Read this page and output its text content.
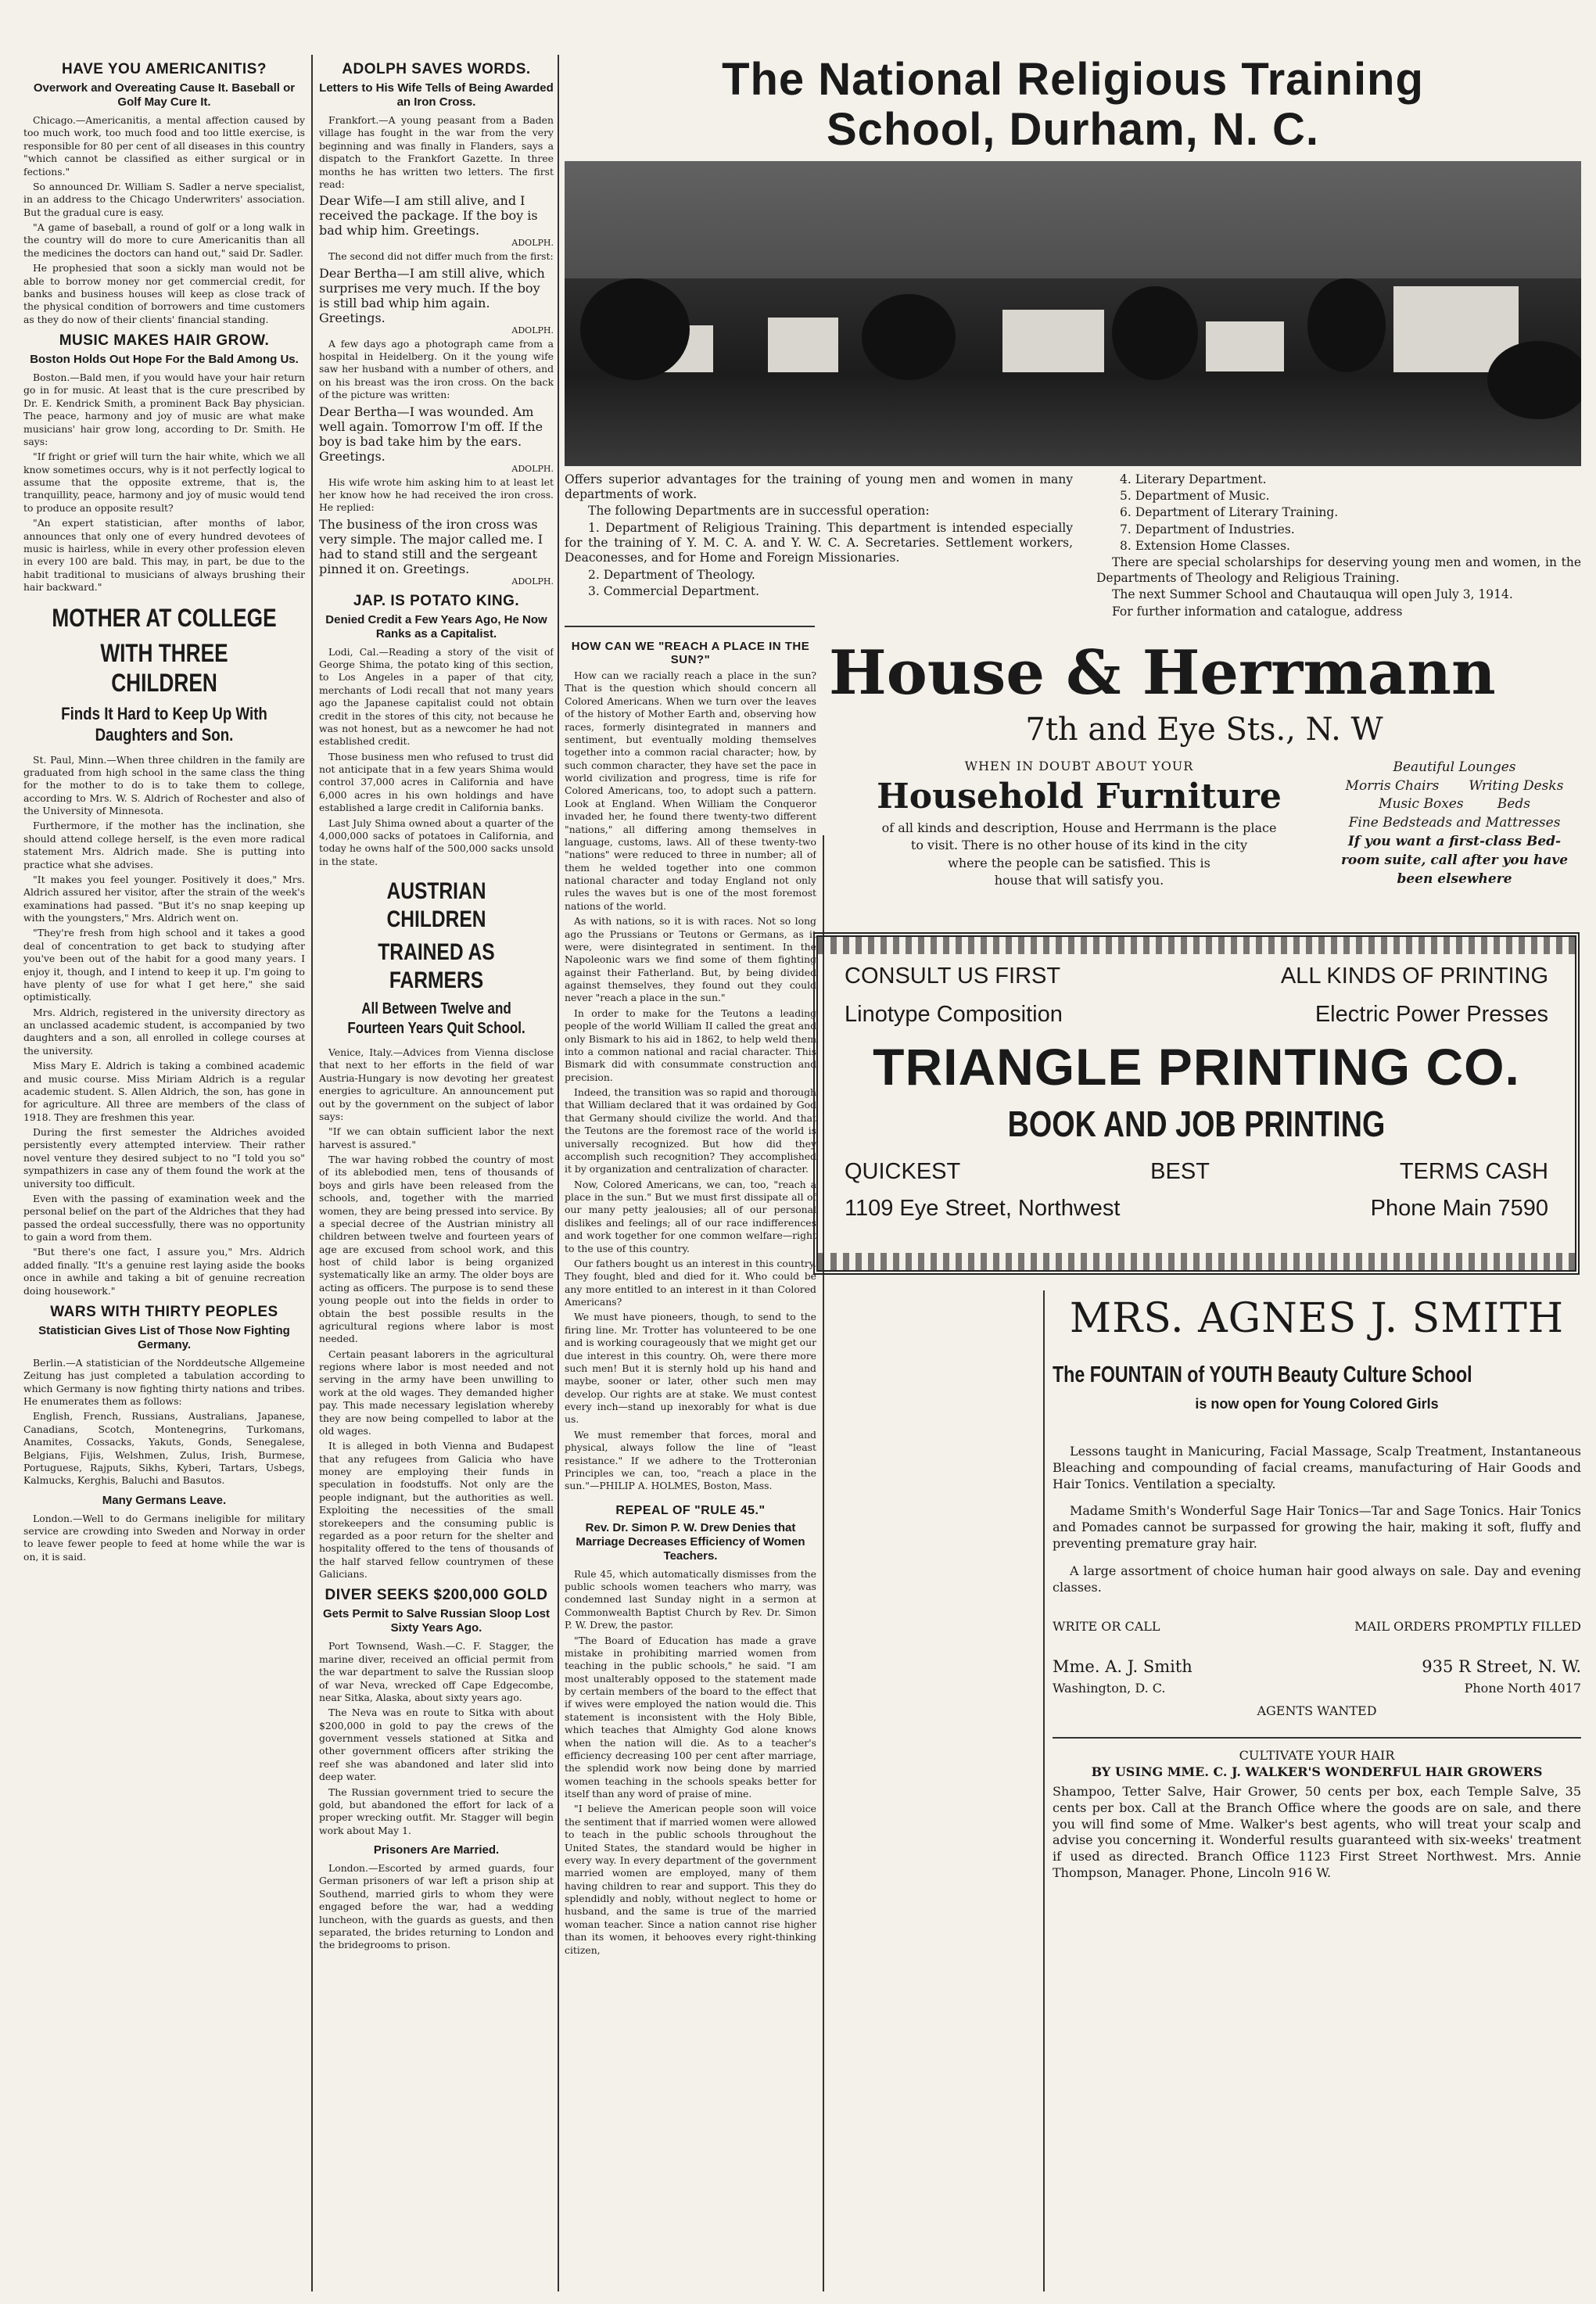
HAVE YOU AMERICANITIS?
Overwork and Overeating Cause It. Baseball or Golf May Cure It.

Chicago.—Americanitis, a mental affection caused by too much work, too much food and too little exercise, is responsible for 80 per cent of all diseases in this country "which cannot be classified as either surgical or in fections."

So announced Dr. William S. Sadler a nerve specialist, in an address to the Chicago Underwriters' association. But the gradual cure is easy.

"A game of baseball, a round of golf or a long walk in the country will do more to cure Americanitis than all the medicines the doctors can hand out," said Dr. Sadler.

He prophesied that soon a sickly man would not be able to borrow money nor get commercial credit, for banks and business houses will keep as close track of the physical condition of borrowers and time customers as they do now of their clients' financial standing.

MUSIC MAKES HAIR GROW.
Boston Holds Out Hope For the Bald Among Us.

Boston.—Bald men, if you would have your hair return go in for music. At least that is the cure prescribed by Dr. E. Kendrick Smith, a prominent Back Bay physician. The peace, harmony and joy of music are what make musicians' hair grow long, according to Dr. Smith. He says:

"If fright or grief will turn the hair white, which we all know sometimes occurs, why is it not perfectly logical to assume that the opposite extreme, that is, the tranquillity, peace, harmony and joy of music would tend to produce an opposite result?

"An expert statistician, after months of labor, announces that only one of every hundred devotees of music is hairless, while in every other profession eleven in every 100 are bald. This may, in part, be due to the habit traditional to musicians of always brushing their hair backward."

MOTHER AT COLLEGE
WITH THREE CHILDREN
Finds It Hard to Keep Up With Daughters and Son.

St. Paul, Minn.—When three children in the family are graduated from high school in the same class the thing for the mother to do is to take them to college, according to Mrs. W. S. Aldrich of Rochester and also of the University of Minnesota.

Furthermore, if the mother has the inclination, she should attend college herself, is the even more radical statement Mrs. Aldrich made. She is putting into practice what she advises.

"It makes you feel younger. Positively it does," Mrs. Aldrich assured her visitor, after the strain of the week's examinations had passed. "But it's no snap keeping up with the youngsters," Mrs. Aldrich went on.

"They're fresh from high school and it takes a good deal of concentration to get back to studying after you've been out of the habit for a good many years. I enjoy it, though, and I intend to keep it up. I'm going to have plenty of use for what I get here," she said optimistically.

Mrs. Aldrich, registered in the university directory as an unclassed academic student, is accompanied by two daughters and a son, all enrolled in college courses at the university.

Miss Mary E. Aldrich is taking a combined academic and music course. Miss Miriam Aldrich is a regular academic student. S. Allen Aldrich, the son, has gone in for agriculture. All three are members of the class of 1918. They are freshmen this year.

During the first semester the Aldriches avoided persistently every attempted interview. Their rather novel venture they desired subject to no "I told you so" sympathizers in case any of them found the work at the university too difficult.

Even with the passing of examination week and the personal belief on the part of the Aldriches that they had passed the ordeal successfully, there was no opportunity to gain a word from them.

"But there's one fact, I assure you," Mrs. Aldrich added finally. "It's a genuine rest laying aside the books once in awhile and taking a bit of genuine recreation doing housework."

WARS WITH THIRTY PEOPLES
Statistician Gives List of Those Now Fighting Germany.

Berlin.—A statistician of the Norddeutsche Allgemeine Zeitung has just completed a tabulation according to which Germany is now fighting thirty nations and tribes. He enumerates them as follows:

English, French, Russians, Australians, Japanese, Canadians, Scotch, Montenegrins, Turkomans, Anamites, Cossacks, Yakuts, Gonds, Senegalese, Belgians, Fijis, Welshmen, Zulus, Irish, Burmese, Portuguese, Rajputs, Sikhs, Kyberi, Tartars, Usbegs, Kalmucks, Kerghis, Baluchi and Basutos.

Many Germans Leave.

London.—Well to do Germans ineligible for military service are crowding into Sweden and Norway in order to leave fewer people to feed at home while the war is on, it is said.

ADOLPH SAVES WORDS.
Letters to His Wife Tells of Being Awarded an Iron Cross.

Frankfort.—A young peasant from a Baden village has fought in the war from the very beginning and was finally in Flanders, says a dispatch to the Frankfort Gazette. In three months he has written two letters. The first read:

Dear Wife—I am still alive, and I received the package. If the boy is bad whip him. Greetings.
ADOLPH.

The second did not differ much from the first:

Dear Bertha—I am still alive, which surprises me very much. If the boy is still bad whip him again. Greetings.
ADOLPH.

A few days ago a photograph came from a hospital in Heidelberg. On it the young wife saw her husband with a number of others, and on his breast was the iron cross. On the back of the picture was written:

Dear Bertha—I was wounded. Am well again. Tomorrow I'm off. If the boy is bad take him by the ears. Greetings.
ADOLPH.

His wife wrote him asking him to at least let her know how he had received the iron cross. He replied:

The business of the iron cross was very simple. The major called me. I had to stand still and the sergeant pinned it on. Greetings.
ADOLPH.
JAP. IS POTATO KING.
Denied Credit a Few Years Ago, He Now Ranks as a Capitalist.

Lodi, Cal.—Reading a story of the visit of George Shima, the potato king of this section, to Los Angeles in a paper of that city, merchants of Lodi recall that not many years ago the Japanese capitalist could not obtain credit in the stores of this city, not because he was not honest, but as a newcomer he had not established credit.

Those business men who refused to trust did not anticipate that in a few years Shima would control 37,000 acres in California and have 6,000 acres in his own holdings and have established a large credit in California banks.

Last July Shima owned about a quarter of the 4,000,000 sacks of potatoes in California, and today he owns half of the 500,000 sacks unsold in the state.

AUSTRIAN CHILDREN
TRAINED AS FARMERS
All Between Twelve and Fourteen Years Quit School.

Venice, Italy.—Advices from Vienna disclose that next to her efforts in the field of war Austria-Hungary is now devoting her greatest energies to agriculture. An announcement put out by the government on the subject of labor says:

"If we can obtain sufficient labor the next harvest is assured."

The war having robbed the country of most of its ablebodied men, tens of thousands of boys and girls have been released from the schools, and, together with the married women, they are being pressed into service. By a special decree of the Austrian ministry all children between twelve and fourteen years of age are excused from school work, and this host of child labor is being organized systematically like an army. The older boys are acting as officers. The purpose is to send these young people out into the fields in order to obtain the best possible results in the agricultural regions where labor is most needed.

Certain peasant laborers in the agricultural regions where labor is most needed and not serving in the army have been unwilling to work at the old wages. They demanded higher pay. This made necessary legislation whereby they are now being compelled to labor at the old wages.

It is alleged in both Vienna and Budapest that any refugees from Galicia who have money are employing their funds in speculation in foodstuffs. Not only are the people indignant, but the authorities as well. Exploiting the necessities of the small storekeepers and the consuming public is regarded as a poor return for the shelter and hospitality offered to the tens of thousands of the half starved fellow countrymen of these Galicians.

DIVER SEEKS $200,000 GOLD
Gets Permit to Salve Russian Sloop Lost Sixty Years Ago.

Port Townsend, Wash.—C. F. Stagger, the marine diver, received an official permit from the war department to salve the Russian sloop of war Neva, wrecked off Cape Edgecombe, near Sitka, Alaska, about sixty years ago.

The Neva was en route to Sitka with about $200,000 in gold to pay the crews of the government vessels stationed at Sitka and other government officers after striking the reef she was abandoned and later slid into deep water.

The Russian government tried to secure the gold, but abandoned the effort for lack of a proper wrecking outfit. Mr. Stagger will begin work about May 1.

Prisoners Are Married.

London.—Escorted by armed guards, four German prisoners of war left a prison ship at Southend, married girls to whom they were engaged before the war, had a wedding luncheon, with the guards as guests, and then separated, the brides returning to London and the bridegrooms to prison.

The National Religious Training
School, Durham, N. C.

Offers superior advantages for the training of young men and women in many departments of work.

The following Departments are in successful operation:

1. Department of Religious Training. This department is intended especially for the training of Y. M. C. A. and Y. W. C. A. Secretaries. Settlement workers, Deaconesses, and for Home and Foreign Missionaries.

2. Department of Theology.

3. Commercial Department.

4. Literary Department.

5. Department of Music.

6. Department of Literary Training.

7. Department of Industries.

8. Extension Home Classes.

There are special scholarships for deserving young men and women, in the Departments of Theology and Religious Training.

The next Summer School and Chautauqua will open July 3, 1914.

For further information and catalogue, address

HOW CAN WE "REACH A PLACE IN THE SUN?"

How can we racially reach a place in the sun? That is the question which should concern all Colored Americans. When we turn over the leaves of the history of Mother Earth and, observing how races, formerly disintegrated in manners and sentiment, but eventually molding themselves together into a common racial character; how, by such common character, they have set the pace in world civilization and progress, time is rife for Colored Americans, too, to adopt such a pattern. Look at England. When William the Conqueror invaded her, he found there twenty-two different "nations," all differing among themselves in language, customs, laws. All of these twenty-two "nations" were reduced to three in number; all of them he welded together into one common national character and today England not only rules the waves but is one of the most foremost nations of the world.

As with nations, so it is with races. Not so long ago the Prussians or Teutons or Germans, as it were, were disintegrated in sentiment. In the Napoleonic wars we find some of them fighting against their Fatherland. But, by being divided against themselves, they found out they could never "reach a place in the sun."

In order to make for the Teutons a leading people of the world William II called the great and only Bismark to his aid in 1862, to help weld them into a common national and racial character. This Bismark did with consummate construction and precision.

Indeed, the transition was so rapid and thorough that William declared that it was ordained by God that Germany should civilize the world. And that the Teutons are the foremost race of the world is universally recognized. But how did they accomplish such recognition? They accomplished it by organization and centralization of character.

Now, Colored Americans, we can, too, "reach a place in the sun." But we must first dissipate all of our many petty jealousies; all of our personal dislikes and feelings; all of our race indifferences and work together for one common welfare—right to the use of this country.

Our fathers bought us an interest in this country. They fought, bled and died for it. Who could be any more entitled to an interest in it than Colored Americans?

We must have pioneers, though, to send to the firing line. Mr. Trotter has volunteered to be one and is working courageously that we might get our due interest in this country. Oh, were there more such men! But it is sternly hold up his hand and maybe, sooner or later, other such men may develop. Our rights are at stake. We must contest every inch—stand up inexorably for what is due us.

We must remember that forces, moral and physical, always follow the line of "least resistance." If we adhere to the Trotteronian Principles we can, too, "reach a place in the sun."—PHILIP A. HOLMES, Boston, Mass.

REPEAL OF "RULE 45."
Rev. Dr. Simon P. W. Drew Denies that Marriage Decreases Efficiency of Women Teachers.

Rule 45, which automatically dismisses from the public schools women teachers who marry, was condemned last Sunday night in a sermon at Commonwealth Baptist Church by Rev. Dr. Simon P. W. Drew, the pastor.

"The Board of Education has made a grave mistake in prohibiting married women from teaching in the public schools," he said. "I am most unalterably opposed to the statement made by certain members of the board to the effect that if wives were employed the nation would die. This statement is inconsistent with the Holy Bible, which teaches that Almighty God alone knows when the nation will die. As to a teacher's efficiency decreasing 100 per cent after marriage, the splendid work now being done by married women teaching in the schools speaks better for itself than any word of praise of mine.

"I believe the American people soon will voice the sentiment that if married women were allowed to teach in the public schools throughout the United States, the standard would be higher in every way. In every department of the government married women are employed, many of them having children to rear and support. This they do splendidly and nobly, without neglect to home or husband, and the same is true of the married woman teacher. Since a nation cannot rise higher than its women, it behooves every right-thinking citizen,

House & Herrmann
7th and Eye Sts., N. W
WHEN IN DOUBT ABOUT YOUR
Household Furniture
of all kinds and description, House and Herrmann is the place
to visit. There is no other house of its kind in the city
where the people can be satisfied. This is
house that will satisfy you.
Beautiful Lounges
Morris Chairs       Writing Desks
Music Boxes        Beds
Fine Bedsteads and Mattresses
If you want a first-class Bed-room suite, call after you have been elsewhere
CONSULT US FIRST	ALL KINDS OF PRINTING
Linotype Composition	Electric Power Presses
TRIANGLE PRINTING CO.
BOOK AND JOB PRINTING
QUICKEST	BEST	TERMS CASH
1109 Eye Street, Northwest	Phone Main 7590
MRS. AGNES J. SMITH
The FOUNTAIN of YOUTH Beauty Culture School
is now open for Young Colored Girls

Lessons taught in Manicuring, Facial Massage, Scalp Treatment, Instantaneous Bleaching and compounding of facial creams, manufacturing of Hair Goods and Hair Tonics. Ventilation a specialty.

Madame Smith's Wonderful Sage Hair Tonics—Tar and Sage Tonics. Hair Tonics and Pomades cannot be surpassed for growing the hair, making it soft, fluffy and preventing premature gray hair.

A large assortment of choice human hair good always on sale. Day and evening classes.

WRITE OR CALL	MAIL ORDERS PROMPTLY FILLED
Mme. A. J. Smith	935 R Street, N. W.
Washington, D. C.	Phone North 4017
AGENTS WANTED
CULTIVATE YOUR HAIR
BY USING MME. C. J. WALKER'S WONDERFUL HAIR GROWERS
Shampoo, Tetter Salve, Hair Grower, 50 cents per box, each Temple Salve, 35 cents per box. Call at the Branch Office where the goods are on sale, and there you will find some of Mme. Walker's best agents, who will treat your scalp and advise you concerning it. Wonderful results guaranteed with six-weeks' treatment if used as directed. Branch Office 1123 First Street Northwest. Mrs. Annie Thompson, Manager. Phone, Lincoln 916 W.
